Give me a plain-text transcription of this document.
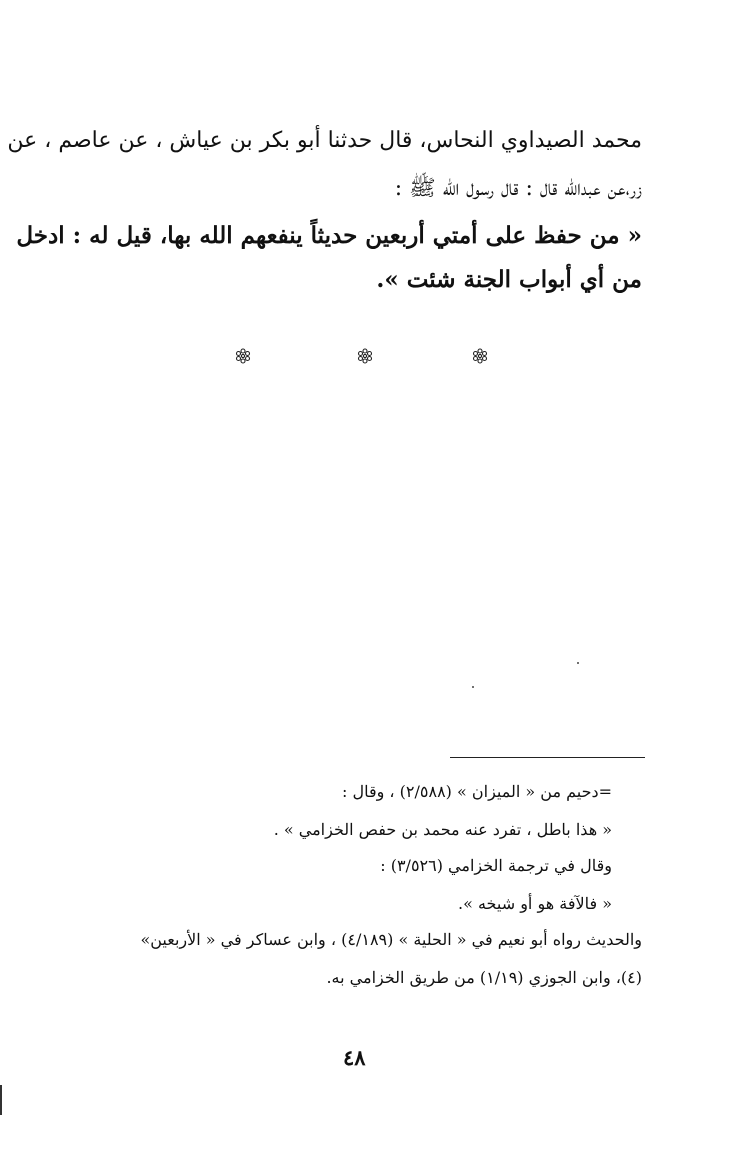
محمد الصيداوي النحاس، قال حدثنا أبو بكر بن عياش ، عن عاصم ، عن
زر،عن عبدالله قال : قال رسول الله ﷺ :
« من حفظ على أمتي أربعين حديثاً ينفعهم الله بها، قيل له : ادخل
من أي أبواب الجنة شئت ».
=دحيم من « الميزان » (٢/٥٨٨) ، وقال :
« هذا باطل ، تفرد عنه محمد بن حفص الخزامي » .
وقال في ترجمة الخزامي (٣/٥٢٦) :
« فالآفة هو أو شيخه ».
والحديث رواه أبو نعيم في « الحلية » (٤/١٨٩) ، وابن عساكر في « الأربعين»
(٤)، وابن الجوزي (١/١٩) من طريق الخزامي به.
٤٨
